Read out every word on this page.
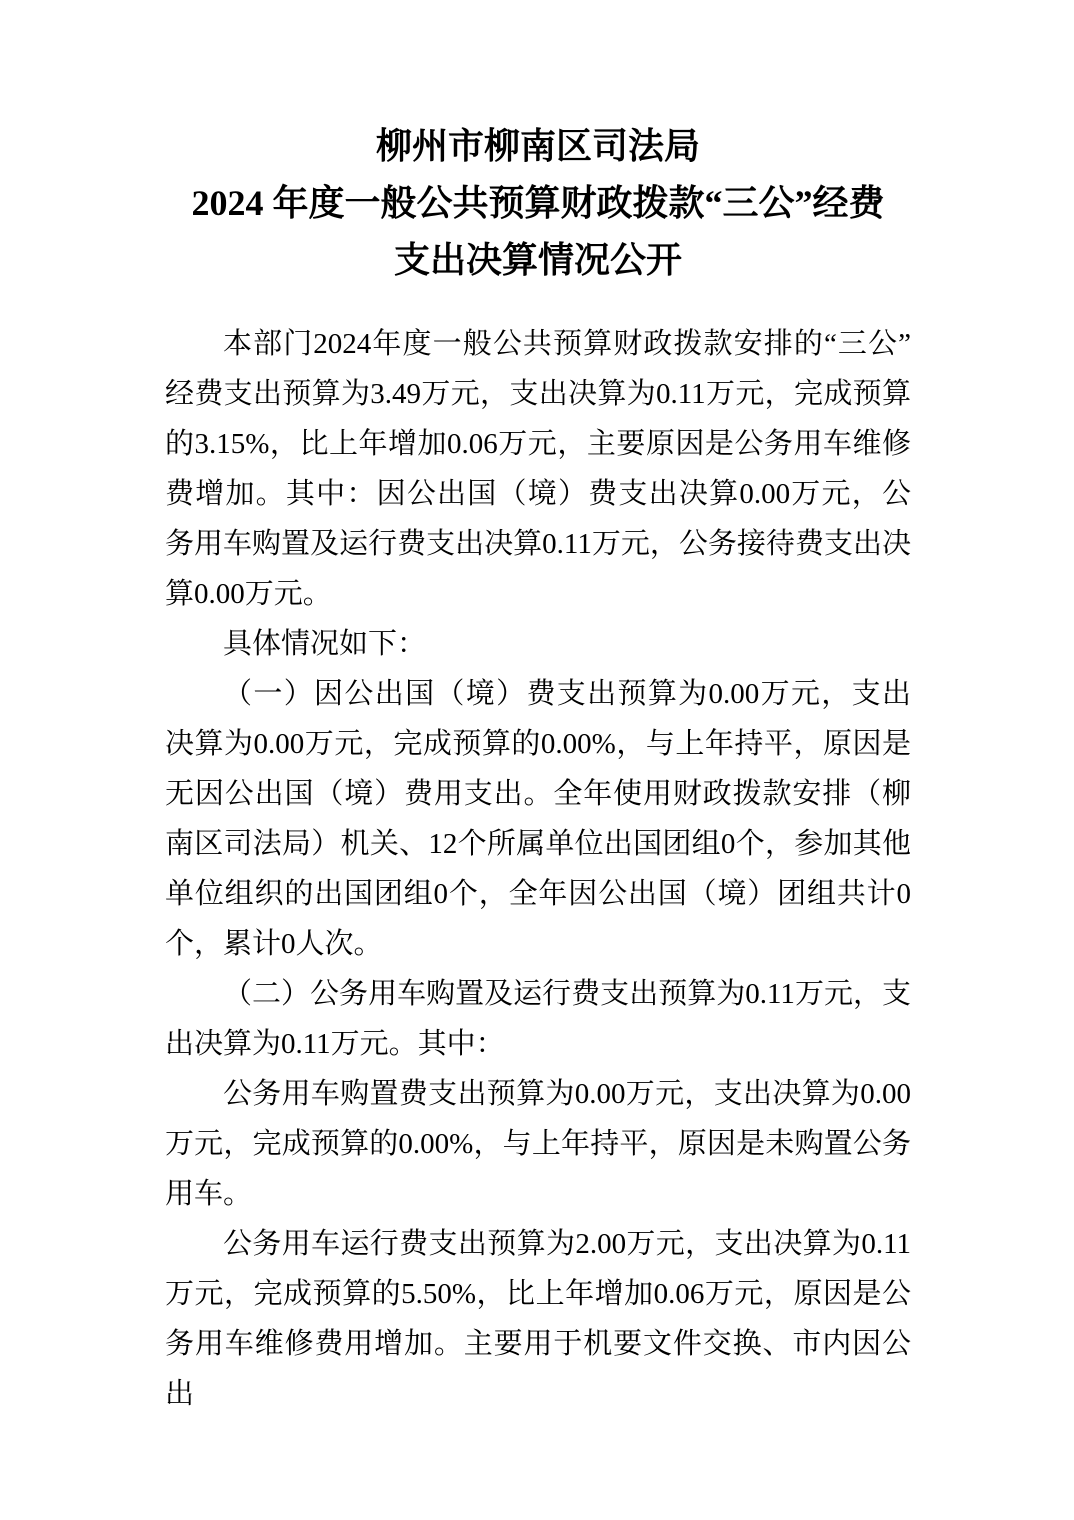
柳州市柳南区司法局
2024 年度一般公共预算财政拨款“三公”经费
支出决算情况公开

本部门2024年度一般公共预算财政拨款安排的“三公”经费支出预算为3.49万元，支出决算为0.11万元，完成预算的3.15%，比上年增加0.06万元，主要原因是公务用车维修费增加。其中：因公出国（境）费支出决算0.00万元，公务用车购置及运行费支出决算0.11万元，公务接待费支出决算0.00万元。

具体情况如下：

（一）因公出国（境）费支出预算为0.00万元，支出决算为0.00万元，完成预算的0.00%，与上年持平，原因是无因公出国（境）费用支出。全年使用财政拨款安排（柳南区司法局）机关、12个所属单位出国团组0个，参加其他单位组织的出国团组0个，全年因公出国（境）团组共计0个，累计0人次。

（二）公务用车购置及运行费支出预算为0.11万元，支出决算为0.11万元。其中：

公务用车购置费支出预算为0.00万元，支出决算为0.00万元，完成预算的0.00%，与上年持平，原因是未购置公务用车。

公务用车运行费支出预算为2.00万元，支出决算为0.11万元，完成预算的5.50%，比上年增加0.06万元，原因是公务用车维修费用增加。主要用于机要文件交换、市内因公出
